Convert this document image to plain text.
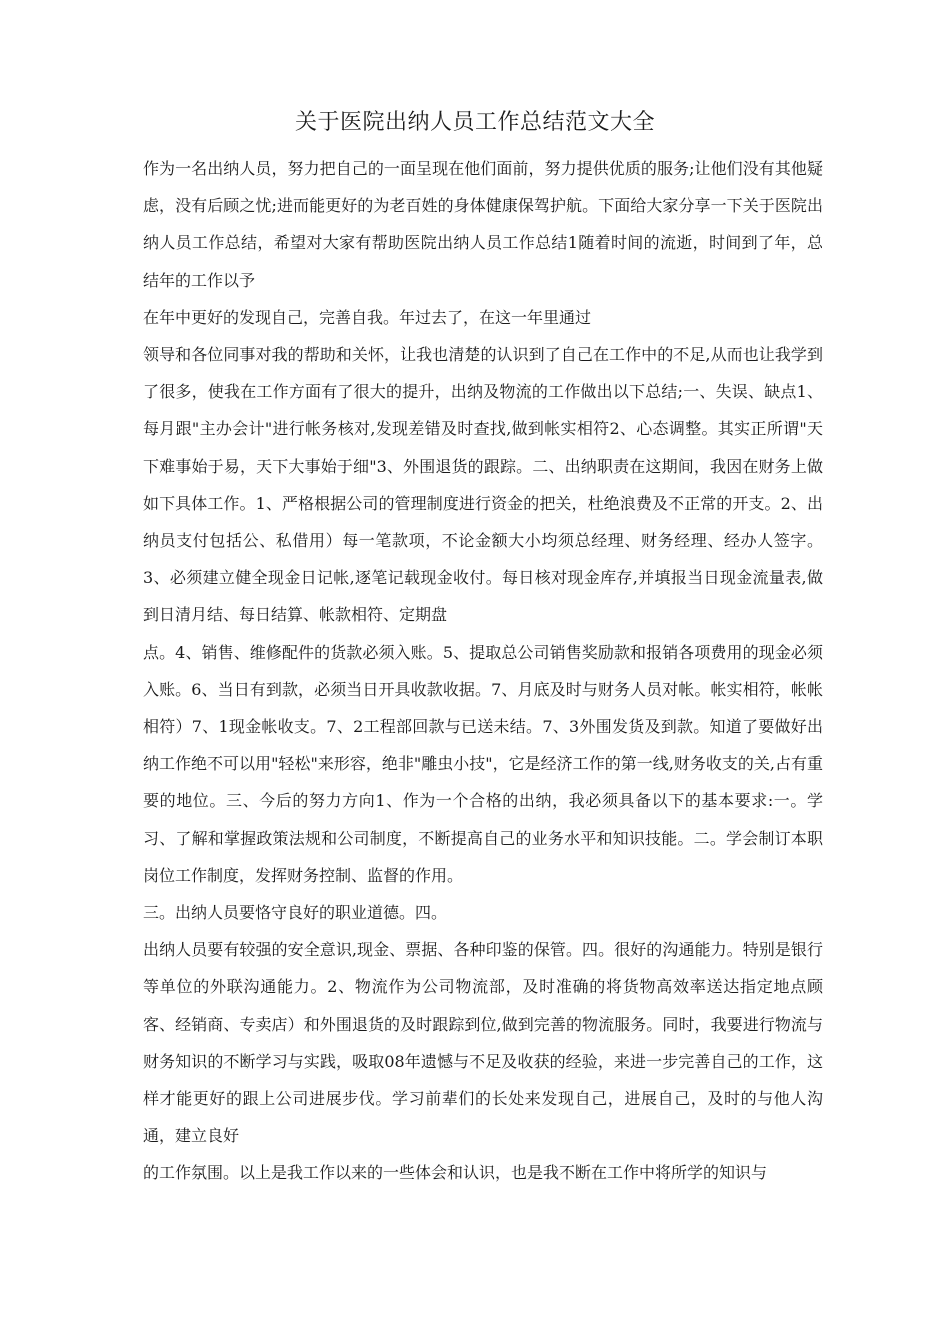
关于医院出纳人员工作总结范文大全

作为一名出纳人员，努力把自己的一面呈现在他们面前，努力提供优质的服务;让他们没有其他疑虑，没有后顾之忧;进而能更好的为老百姓的身体健康保驾护航。下面给大家分享一下关于医院出纳人员工作总结，希望对大家有帮助医院出纳人员工作总结1随着时间的流逝，时间到了年，总结年的工作以予

在年中更好的发现自己，完善自我。年过去了，在这一年里通过

领导和各位同事对我的帮助和关怀，让我也清楚的认识到了自己在工作中的不足,从而也让我学到了很多，使我在工作方面有了很大的提升，出纳及物流的工作做出以下总结;一、失误、缺点1、每月跟"主办会计"进行帐务核对,发现差错及时查找,做到帐实相符2、心态调整。其实正所谓"天下难事始于易，天下大事始于细"3、外围退货的跟踪。二、出纳职责在这期间，我因在财务上做如下具体工作。1、严格根据公司的管理制度进行资金的把关，杜绝浪费及不正常的开支。2、出纳员支付包括公、私借用）每一笔款项，不论金额大小均须总经理、财务经理、经办人签字。3、必须建立健全现金日记帐,逐笔记载现金收付。每日核对现金库存,并填报当日现金流量表,做到日清月结、每日结算、帐款相符、定期盘

点。4、销售、维修配件的货款必须入账。5、提取总公司销售奖励款和报销各项费用的现金必须入账。6、当日有到款，必须当日开具收款收据。7、月底及时与财务人员对帐。帐实相符，帐帐相符）7、1现金帐收支。7、2工程部回款与已送未结。7、3外围发货及到款。知道了要做好出纳工作绝不可以用"轻松"来形容，绝非"雕虫小技"，它是经济工作的第一线,财务收支的关,占有重要的地位。三、今后的努力方向1、作为一个合格的出纳，我必须具备以下的基本要求:一。学习、了解和掌握政策法规和公司制度，不断提高自己的业务水平和知识技能。二。学会制订本职岗位工作制度，发挥财务控制、监督的作用。

三。出纳人员要恪守良好的职业道德。四。

出纳人员要有较强的安全意识,现金、票据、各种印鉴的保管。四。很好的沟通能力。特别是银行等单位的外联沟通能力。2、物流作为公司物流部，及时准确的将货物高效率送达指定地点顾客、经销商、专卖店）和外围退货的及时跟踪到位,做到完善的物流服务。同时，我要进行物流与财务知识的不断学习与实践，吸取08年遗憾与不足及收获的经验，来进一步完善自己的工作，这样才能更好的跟上公司进展步伐。学习前辈们的长处来发现自己，进展自己，及时的与他人沟通，建立良好

的工作氛围。以上是我工作以来的一些体会和认识，也是我不断在工作中将所学的知识与
